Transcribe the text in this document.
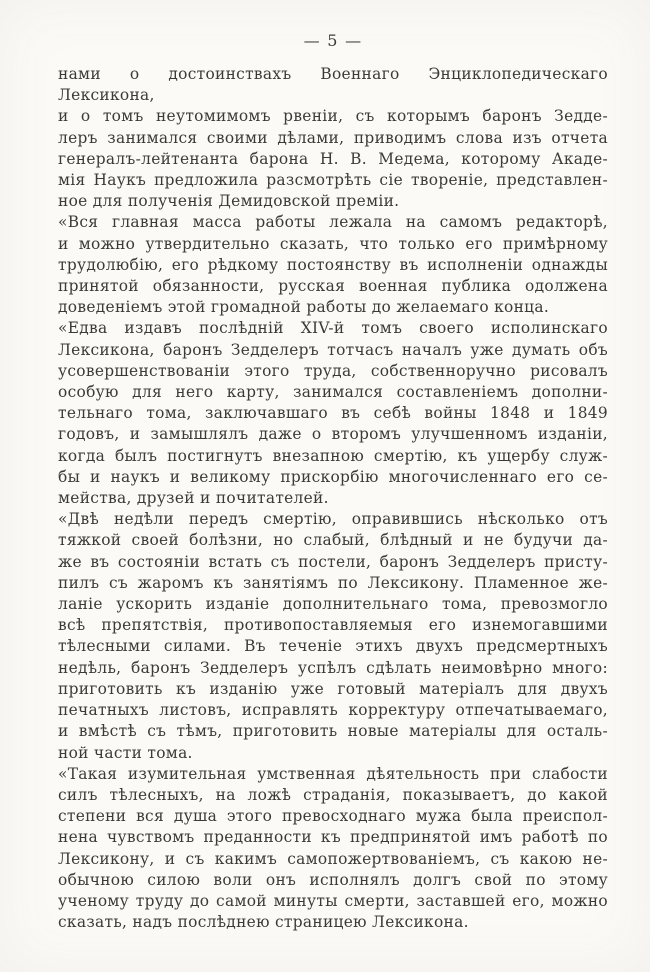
— 5 —
нами о достоинствахъ Военнаго Энциклопедическаго Лексикона,
и о томъ неутомимомъ рвеніи, съ которымъ баронъ Зедде-
леръ занимался своими дѣлами, приводимъ слова изъ отчета
генералъ-лейтенанта барона Н. В. Медема, которому Акаде-
мія Наукъ предложила разсмотрѣть сіе твореніе, представлен-
ное для полученія Демидовской преміи.
«Вся главная масса работы лежала на самомъ редакторѣ,
и можно утвердительно сказать, что только его примѣрному
трудолюбію, его рѣдкому постоянству въ исполненіи однажды
принятой обязанности, русская военная публика одолжена
доведеніемъ этой громадной работы до желаемаго конца.
«Едва издавъ послѣдній XIV-й томъ своего исполинскаго
Лексикона, баронъ Зедделеръ тотчасъ началъ уже думать объ
усовершенствованіи этого труда, собственноручно рисовалъ
особую для него карту, занимался составленіемъ дополни-
тельнаго тома, заключавшаго въ себѣ войны 1848 и 1849
годовъ, и замышлялъ даже о второмъ улучшенномъ изданіи,
когда былъ постигнутъ внезапною смертію, къ ущербу служ-
бы и наукъ и великому прискорбію многочисленнаго его се-
мейства, друзей и почитателей.
«Двѣ недѣли передъ смертію, оправившись нѣсколько отъ
тяжкой своей болѣзни, но слабый, блѣдный и не будучи да-
же въ состояніи встать съ постели, баронъ Зедделеръ присту-
пилъ съ жаромъ къ занятіямъ по Лексикону. Пламенное же-
ланіе ускорить изданіе дополнительнаго тома, превозмогло
всѣ препятствія, противопоставляемыя его изнемогавшими
тѣлесными силами. Въ теченіе этихъ двухъ предсмертныхъ
недѣль, баронъ Зедделеръ успѣлъ сдѣлать неимовѣрно много:
приготовить къ изданію уже готовый матеріалъ для двухъ
печатныхъ листовъ, исправлять корректуру отпечатываемаго,
и вмѣстѣ съ тѣмъ, приготовить новые матеріалы для осталь-
ной части тома.
«Такая изумительная умственная дѣятельность при слабости
силъ тѣлесныхъ, на ложѣ страданія, показываетъ, до какой
степени вся душа этого превосходнаго мужа была преиспол-
нена чувствомъ преданности къ предпринятой имъ работѣ по
Лексикону, и съ какимъ самопожертвованіемъ, съ какою не-
обычною силою воли онъ исполнялъ долгъ свой по этому
ученому труду до самой минуты смерти, заставшей его, можно
сказать, надъ послѣднею страницею Лексикона.
